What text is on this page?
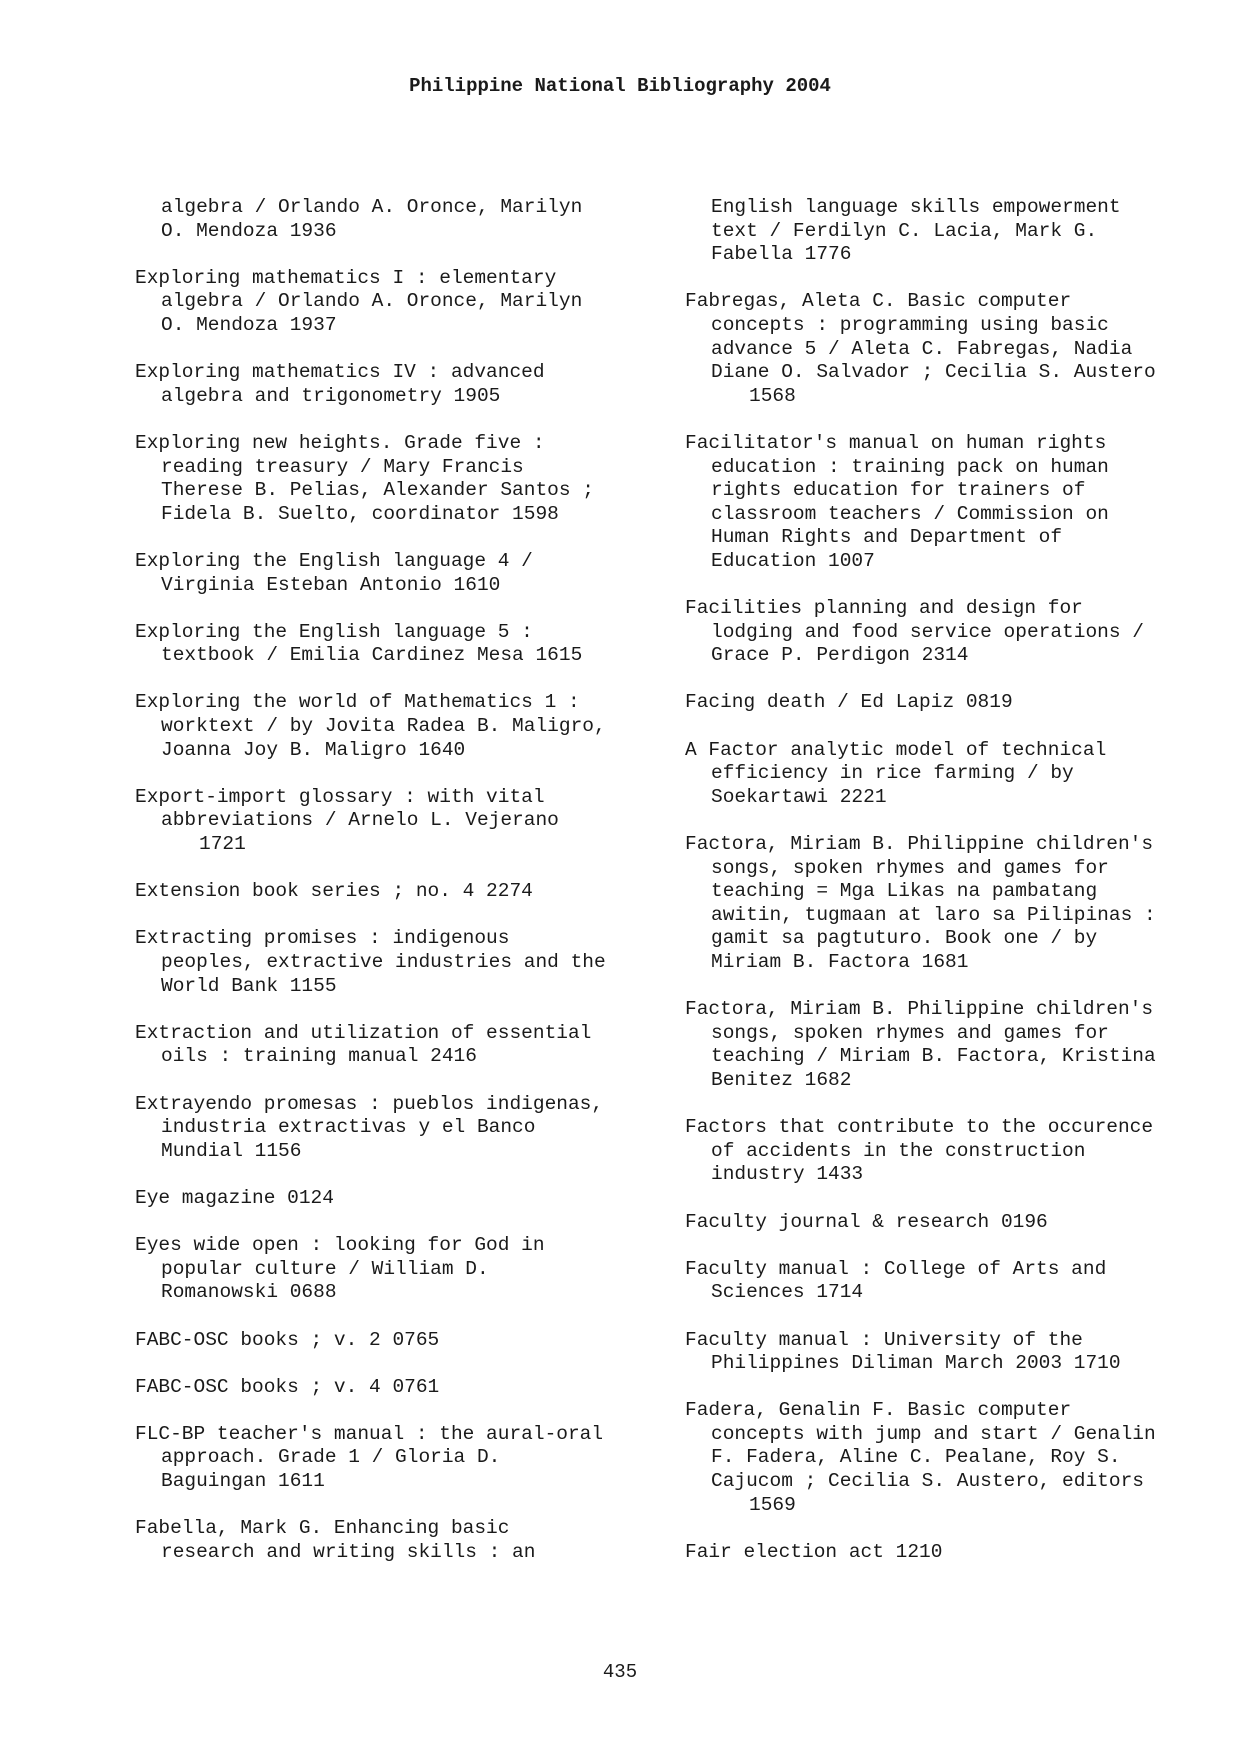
Philippine National Bibliography 2004
algebra / Orlando A. Oronce, Marilyn
O. Mendoza 1936
Exploring mathematics I : elementary
algebra / Orlando A. Oronce, Marilyn
O. Mendoza 1937
Exploring mathematics IV : advanced
algebra and trigonometry 1905
Exploring new heights. Grade five :
reading treasury / Mary Francis
Therese B. Pelias, Alexander Santos ;
Fidela B. Suelto, coordinator 1598
Exploring the English language 4 /
Virginia Esteban Antonio 1610
Exploring the English language 5 :
textbook / Emilia Cardinez Mesa 1615
Exploring the world of Mathematics 1 :
worktext / by Jovita Radea B. Maligro,
Joanna Joy B. Maligro 1640
Export-import glossary : with vital
abbreviations / Arnelo L. Vejerano
1721
Extension book series ; no. 4 2274
Extracting promises : indigenous
peoples, extractive industries and the
World Bank 1155
Extraction and utilization of essential
oils : training manual 2416
Extrayendo promesas : pueblos indigenas,
industria extractivas y el Banco
Mundial 1156
Eye magazine 0124
Eyes wide open : looking for God in
popular culture / William D.
Romanowski 0688
FABC-OSC books ; v. 2 0765
FABC-OSC books ; v. 4 0761
FLC-BP teacher's manual : the aural-oral
approach. Grade 1 / Gloria D.
Baguingan 1611
Fabella, Mark G. Enhancing basic
research and writing skills : an
English language skills empowerment
text / Ferdilyn C. Lacia, Mark G.
Fabella 1776
Fabregas, Aleta C. Basic computer
concepts : programming using basic
advance 5 / Aleta C. Fabregas, Nadia
Diane O. Salvador ; Cecilia S. Austero
1568
Facilitator's manual on human rights
education : training pack on human
rights education for trainers of
classroom teachers / Commission on
Human Rights and Department of
Education 1007
Facilities planning and design for
lodging and food service operations /
Grace P. Perdigon 2314
Facing death / Ed Lapiz 0819
A Factor analytic model of technical
efficiency in rice farming / by
Soekartawi 2221
Factora, Miriam B. Philippine children's
songs, spoken rhymes and games for
teaching = Mga Likas na pambatang
awitin, tugmaan at laro sa Pilipinas :
gamit sa pagtuturo. Book one / by
Miriam B. Factora 1681
Factora, Miriam B. Philippine children's
songs, spoken rhymes and games for
teaching / Miriam B. Factora, Kristina
Benitez 1682
Factors that contribute to the occurence
of accidents in the construction
industry 1433
Faculty journal & research 0196
Faculty manual : College of Arts and
Sciences 1714
Faculty manual : University of the
Philippines Diliman March 2003 1710
Fadera, Genalin F. Basic computer
concepts with jump and start / Genalin
F. Fadera, Aline C. Pealane, Roy S.
Cajucom ; Cecilia S. Austero, editors
1569
Fair election act 1210
435
